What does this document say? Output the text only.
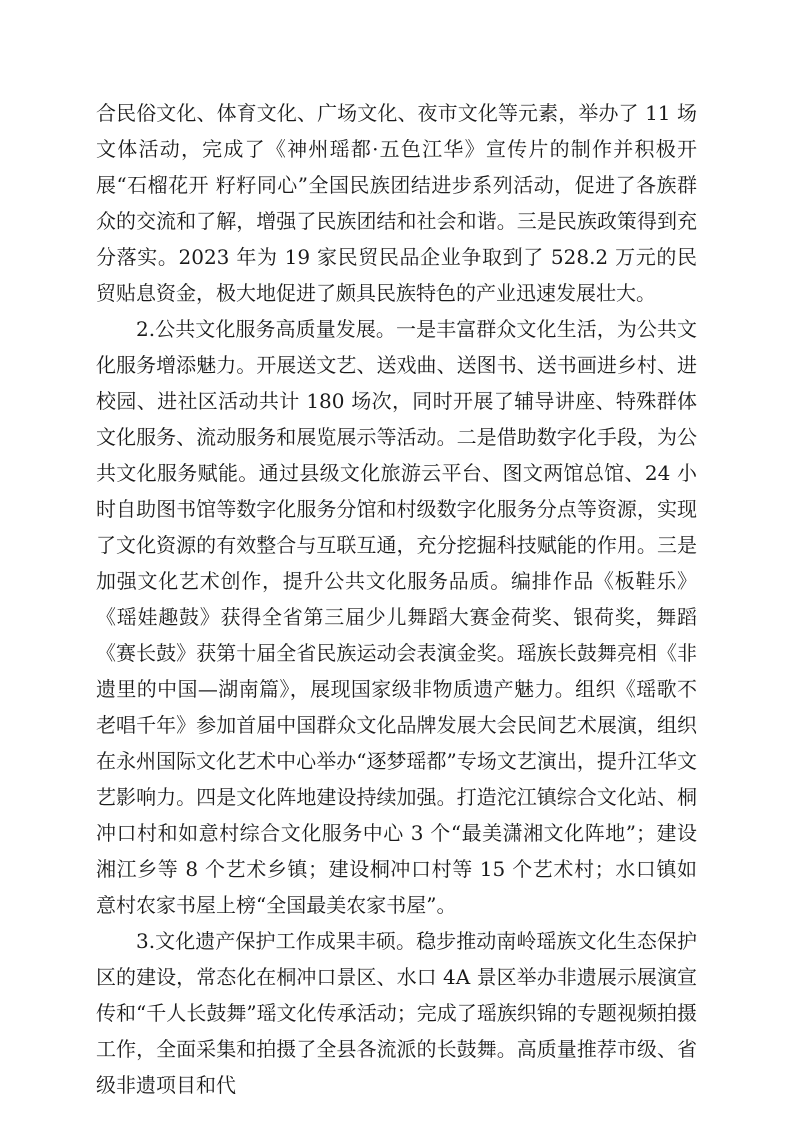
合民俗文化、体育文化、广场文化、夜市文化等元素，举办了 11 场文体活动，完成了《神州瑶都·五色江华》宣传片的制作并积极开展“石榴花开 籽籽同心”全国民族团结进步系列活动，促进了各族群众的交流和了解，增强了民族团结和社会和谐。三是民族政策得到充分落实。2023 年为 19 家民贸民品企业争取到了 528.2 万元的民贸贴息资金，极大地促进了颇具民族特色的产业迅速发展壮大。

2.公共文化服务高质量发展。一是丰富群众文化生活，为公共文化服务增添魅力。开展送文艺、送戏曲、送图书、送书画进乡村、进校园、进社区活动共计 180 场次，同时开展了辅导讲座、特殊群体文化服务、流动服务和展览展示等活动。二是借助数字化手段，为公共文化服务赋能。通过县级文化旅游云平台、图文两馆总馆、24 小时自助图书馆等数字化服务分馆和村级数字化服务分点等资源，实现了文化资源的有效整合与互联互通，充分挖掘科技赋能的作用。三是加强文化艺术创作，提升公共文化服务品质。编排作品《板鞋乐》《瑶娃趣鼓》获得全省第三届少儿舞蹈大赛金荷奖、银荷奖，舞蹈《赛长鼓》获第十届全省民族运动会表演金奖。瑶族长鼓舞亮相《非遗里的中国—湖南篇》，展现国家级非物质遗产魅力。组织《瑶歌不老唱千年》参加首届中国群众文化品牌发展大会民间艺术展演，组织在永州国际文化艺术中心举办“逐梦瑶都”专场文艺演出，提升江华文艺影响力。四是文化阵地建设持续加强。打造沱江镇综合文化站、桐冲口村和如意村综合文化服务中心 3 个“最美潇湘文化阵地”；建设湘江乡等 8 个艺术乡镇；建设桐冲口村等 15 个艺术村；水口镇如意村农家书屋上榜“全国最美农家书屋”。

3.文化遗产保护工作成果丰硕。稳步推动南岭瑶族文化生态保护区的建设，常态化在桐冲口景区、水口 4A 景区举办非遗展示展演宣传和“千人长鼓舞”瑶文化传承活动；完成了瑶族织锦的专题视频拍摄工作，全面采集和拍摄了全县各流派的长鼓舞。高质量推荐市级、省级非遗项目和代
